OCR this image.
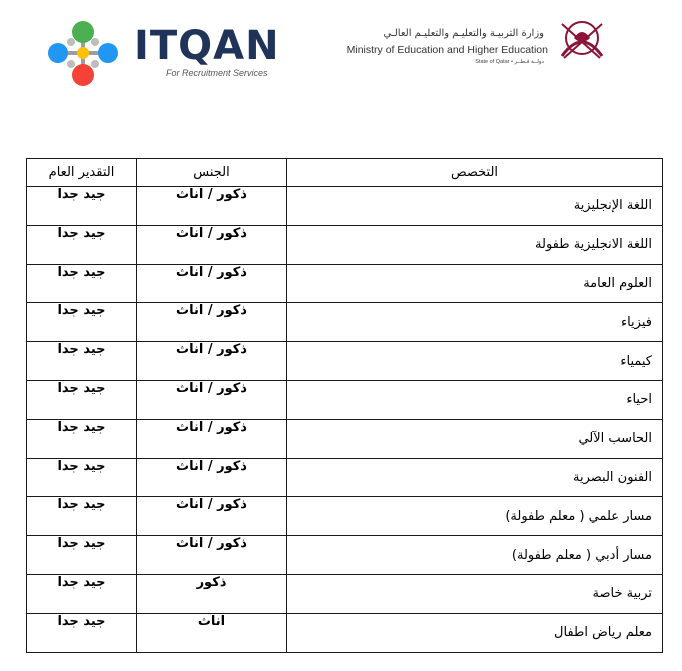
ITQAN
For Recruitment Services
وزارة التربيـة والتعليـم والتعليـم العالـي
Ministry of Education and Higher Education
State of Qatar • دولــة قـطــر
التقدير العام	الجنس	التخصص
جيد جدا	ذكور / اناث	اللغة الإنجليزية
جيد جدا	ذكور / اناث	اللغة الانجليزية طفولة
جيد جدا	ذكور / اناث	العلوم العامة
جيد جدا	ذكور / اناث	فيزياء
جيد جدا	ذكور / اناث	كيمياء
جيد جدا	ذكور / اناث	احياء
جيد جدا	ذكور / اناث	الحاسب الآلي
جيد جدا	ذكور / اناث	الفنون البصرية
جيد جدا	ذكور / اناث	مسار علمي ( معلم طفولة)
جيد جدا	ذكور / اناث	مسار أدبي ( معلم طفولة)
جيد جدا	ذكور	تربية خاصة
جيد جدا	اناث	معلم رياض اطفال
